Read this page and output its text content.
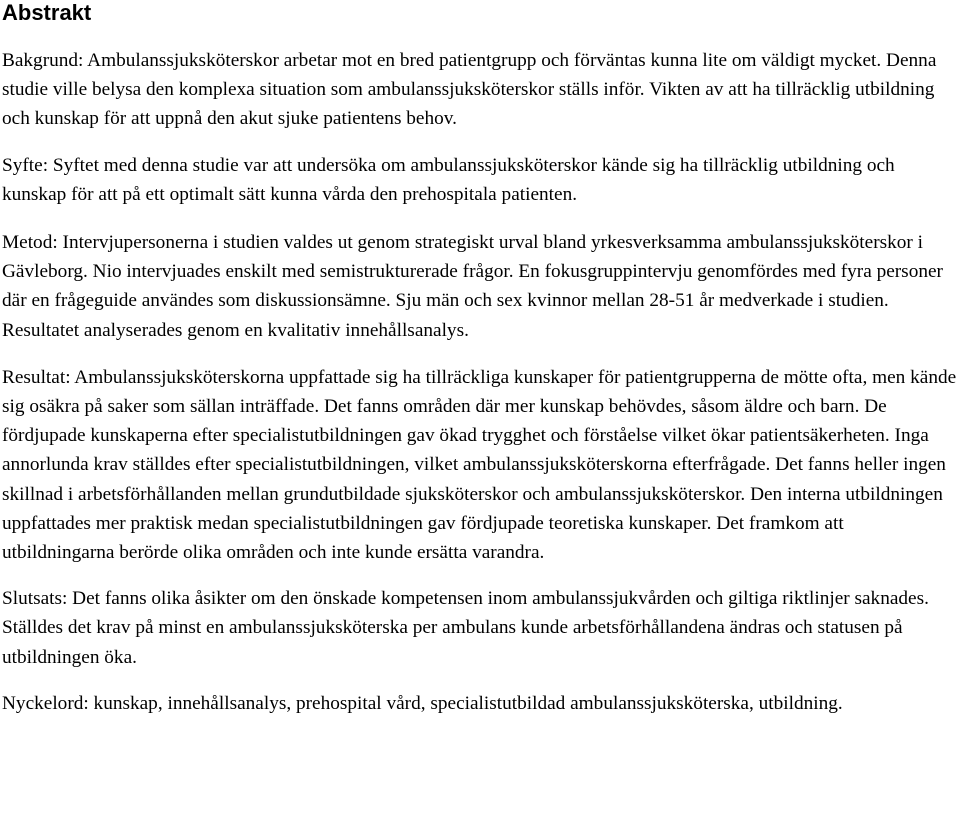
Abstrakt

Bakgrund: Ambulanssjuksköterskor arbetar mot en bred patientgrupp och förväntas kunna lite om väldigt mycket. Denna studie ville belysa den komplexa situation som ambulanssjuksköterskor ställs inför. Vikten av att ha tillräcklig utbildning och kunskap för att uppnå den akut sjuke patientens behov.

Syfte: Syftet med denna studie var att undersöka om ambulanssjuksköterskor kände sig ha tillräcklig utbildning och kunskap för att på ett optimalt sätt kunna vårda den prehospitala patienten.

Metod: Intervjupersonerna i studien valdes ut genom strategiskt urval bland yrkesverksamma ambulanssjuksköterskor i Gävleborg. Nio intervjuades enskilt med semistrukturerade frågor. En fokusgruppintervju genomfördes med fyra personer där en frågeguide användes som diskussionsämne. Sju män och sex kvinnor mellan 28-51 år medverkade i studien. Resultatet analyserades genom en kvalitativ innehållsanalys.

Resultat: Ambulanssjuksköterskorna uppfattade sig ha tillräckliga kunskaper för patientgrupperna de mötte ofta, men kände sig osäkra på saker som sällan inträffade. Det fanns områden där mer kunskap behövdes, såsom äldre och barn. De fördjupade kunskaperna efter specialistutbildningen gav ökad trygghet och förståelse vilket ökar patientsäkerheten. Inga annorlunda krav ställdes efter specialistutbildningen, vilket ambulanssjuksköterskorna efterfrågade. Det fanns heller ingen skillnad i arbetsförhållanden mellan grundutbildade sjuksköterskor och ambulanssjuksköterskor. Den interna utbildningen uppfattades mer praktisk medan specialistutbildningen gav fördjupade teoretiska kunskaper. Det framkom att utbildningarna berörde olika områden och inte kunde ersätta varandra.

Slutsats: Det fanns olika åsikter om den önskade kompetensen inom ambulanssjukvården och giltiga riktlinjer saknades. Ställdes det krav på minst en ambulanssjuksköterska per ambulans kunde arbetsförhållandena ändras och statusen på utbildningen öka.

Nyckelord: kunskap, innehållsanalys, prehospital vård, specialistutbildad ambulanssjuksköterska, utbildning.
